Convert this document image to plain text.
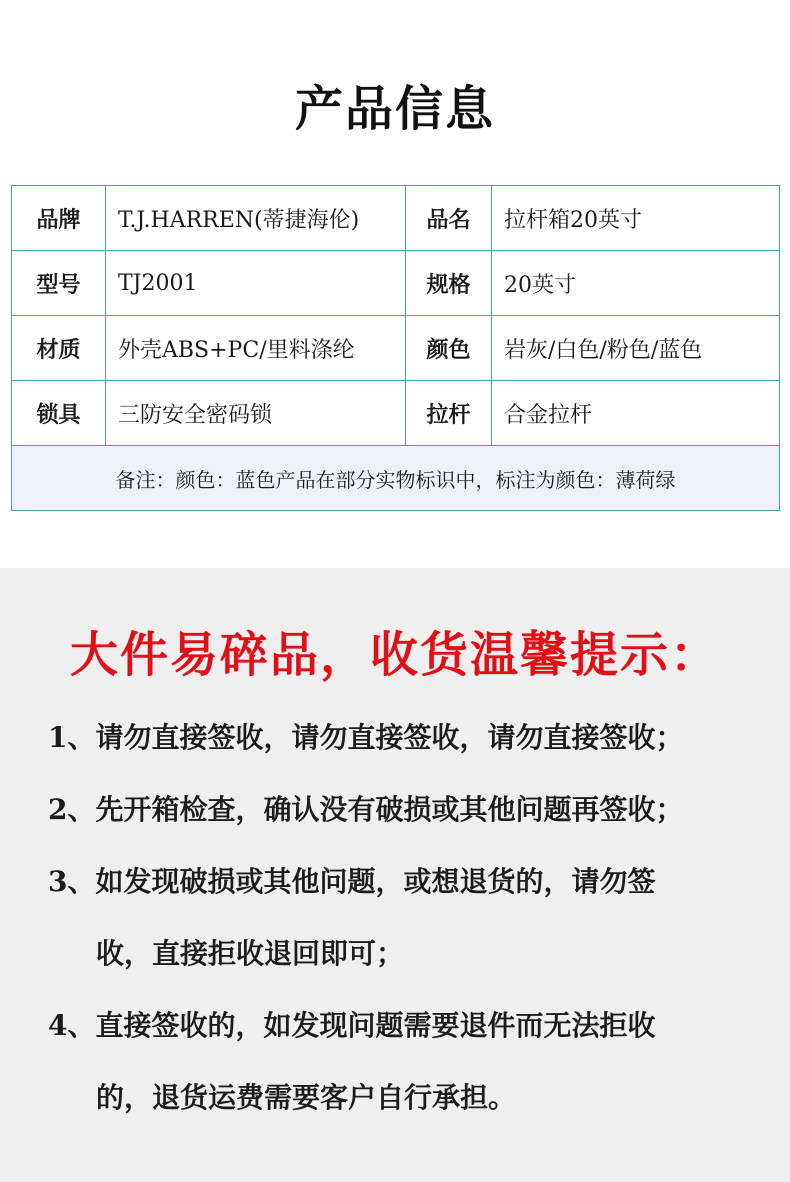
产品信息
品牌	T.J.HARREN(蒂捷海伦)	品名	拉杆箱20英寸
型号	TJ2001	规格	20英寸
材质	外壳ABS+PC/里料涤纶	颜色	岩灰/白色/粉色/蓝色
锁具	三防安全密码锁	拉杆	合金拉杆
备注：颜色：蓝色产品在部分实物标识中，标注为颜色：薄荷绿			
大件易碎品，收货温馨提示：
1、请勿直接签收，请勿直接签收，请勿直接签收；
2、先开箱检查，确认没有破损或其他问题再签收；
3、如发现破损或其他问题，或想退货的，请勿签
收，直接拒收退回即可；
4、直接签收的，如发现问题需要退件而无法拒收
的，退货运费需要客户自行承担。
